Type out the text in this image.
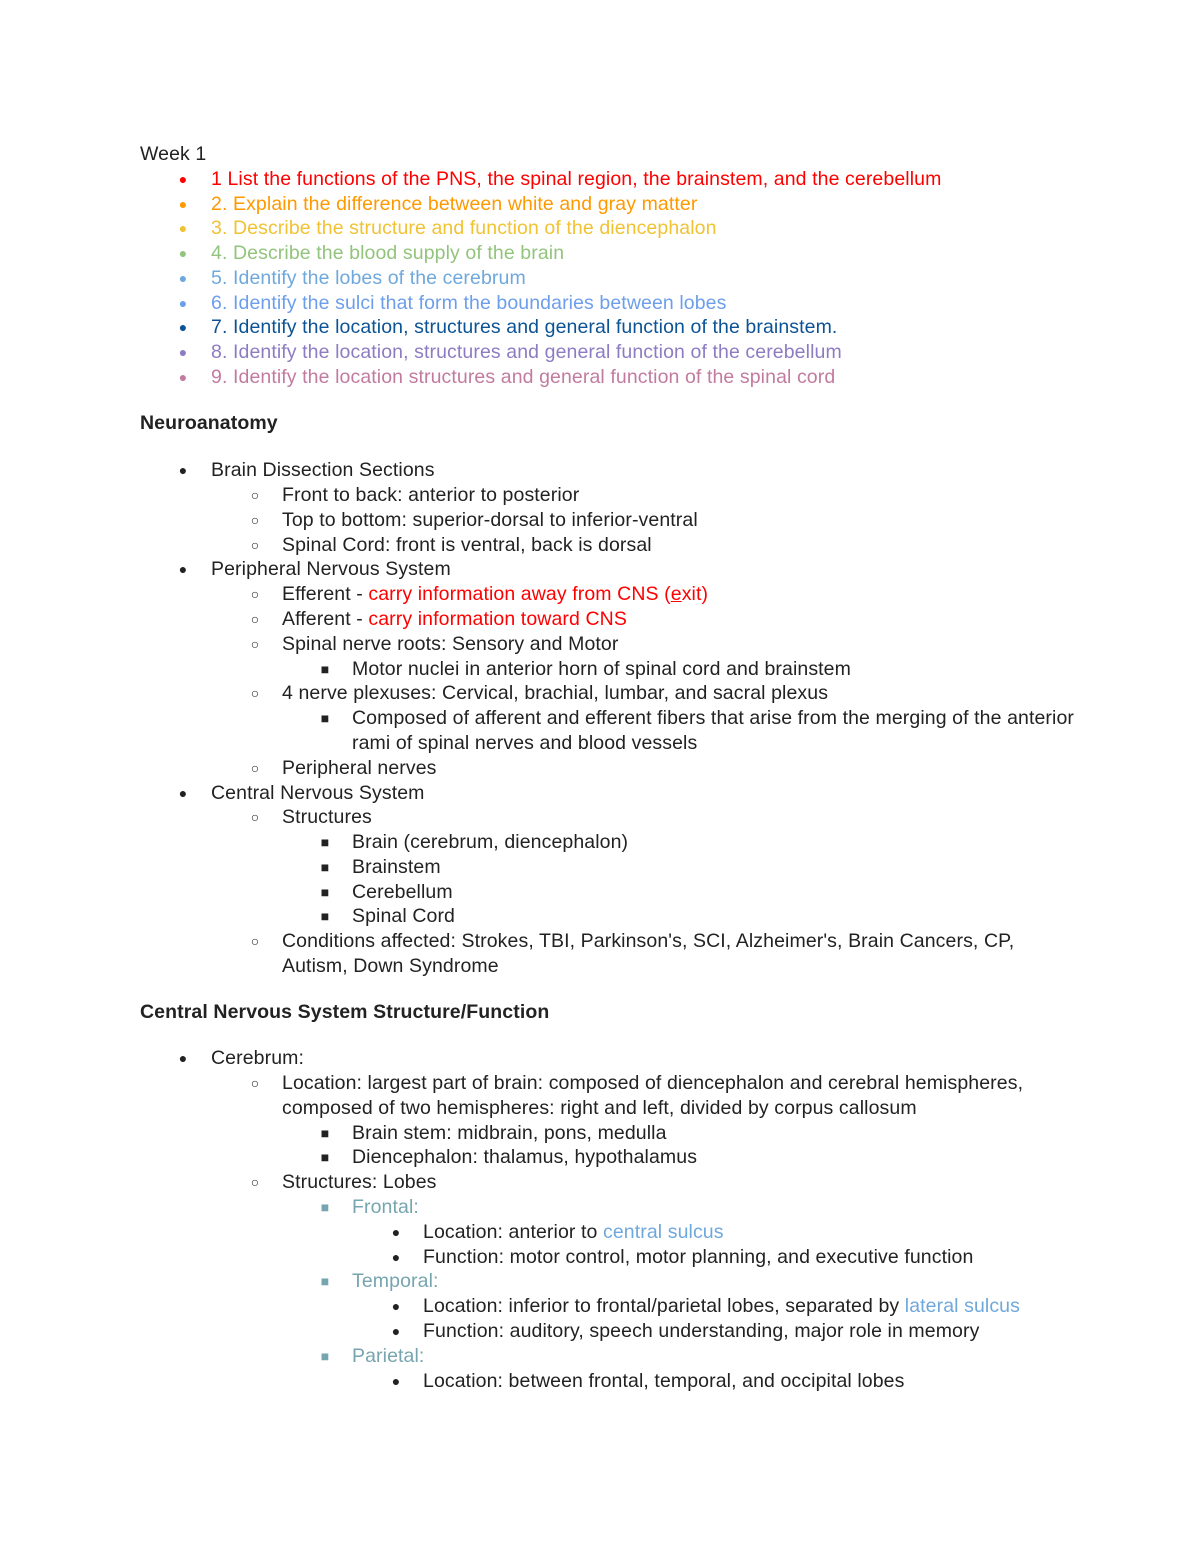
Week 1
● 1 List the functions of the PNS, the spinal region, the brainstem, and the cerebellum
● 2. Explain the difference between white and gray matter
● 3. Describe the structure and function of the diencephalon
● 4. Describe the blood supply of the brain
● 5. Identify the lobes of the cerebrum
● 6. Identify the sulci that form the boundaries between lobes
● 7. Identify the location, structures and general function of the brainstem.
● 8. Identify the location, structures and general function of the cerebellum
● 9. Identify the location structures and general function of the spinal cord
Neuroanatomy
● Brain Dissection Sections
○ Front to back: anterior to posterior
○ Top to bottom: superior-dorsal to inferior-ventral
○ Spinal Cord: front is ventral, back is dorsal
● Peripheral Nervous System
○ Efferent - carry information away from CNS (exit)
○ Afferent - carry information toward CNS
○ Spinal nerve roots: Sensory and Motor
■ Motor nuclei in anterior horn of spinal cord and brainstem
○ 4 nerve plexuses: Cervical, brachial, lumbar, and sacral plexus
■ Composed of afferent and efferent fibers that arise from the merging of the anterior
rami of spinal nerves and blood vessels
○ Peripheral nerves
● Central Nervous System
○ Structures
■ Brain (cerebrum, diencephalon)
■ Brainstem
■ Cerebellum
■ Spinal Cord
○ Conditions affected: Strokes, TBI, Parkinson's, SCI, Alzheimer's, Brain Cancers, CP,
Autism, Down Syndrome
Central Nervous System Structure/Function
● Cerebrum:
○ Location: largest part of brain: composed of diencephalon and cerebral hemispheres,
composed of two hemispheres: right and left, divided by corpus callosum
■ Brain stem: midbrain, pons, medulla
■ Diencephalon: thalamus, hypothalamus
○ Structures: Lobes
■ Frontal:
● Location: anterior to central sulcus
● Function: motor control, motor planning, and executive function
■ Temporal:
● Location: inferior to frontal/parietal lobes, separated by lateral sulcus
● Function: auditory, speech understanding, major role in memory
■ Parietal:
● Location: between frontal, temporal, and occipital lobes
